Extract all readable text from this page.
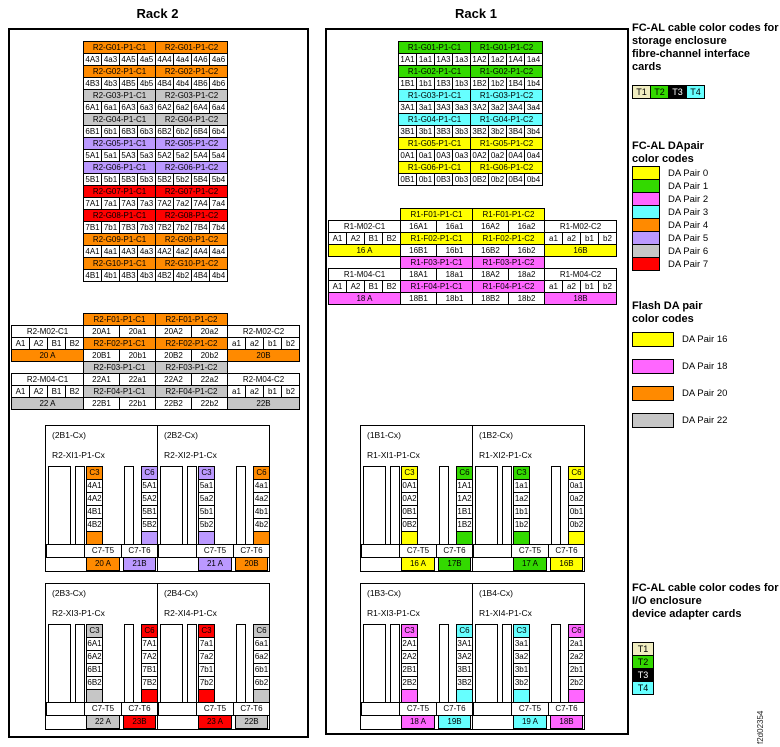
Rack 2	Rack 1
R2-G01-P1-C1	R2-G01-P1-C2
4A3 4a3 4A5 4a5 4A4 4a4 4A6 4a6
R2-G02-P1-C1	R2-G02-P1-C2
4B3 4b3 4B5 4b5 4B4 4b4 4B6 4b6
R2-G03-P1-C1	R2-G03-P1-C2
6A1 6a1 6A3 6a3 6A2 6a2 6A4 6a4
R2-G04-P1-C1	R2-G04-P1-C2
6B1 6b1 6B3 6b3 6B2 6b2 6B4 6b4
R2-G05-P1-C1	R2-G05-P1-C2
5A1 5a1 5A3 5a3 5A2 5a2 5A4 5a4
R2-G06-P1-C1	R2-G06-P1-C2
5B1 5b1 5B3 5b3 5B2 5b2 5B4 5b4
R2-G07-P1-C1	R2-G07-P1-C2
7A1 7a1 7A3 7a3 7A2 7a2 7A4 7a4
R2-G08-P1-C1	R2-G08-P1-C2
7B1 7b1 7B3 7b3 7B2 7b2 7B4 7b4
R2-G09-P1-C1	R2-G09-P1-C2
4A1 4a1 4A3 4a3 4A2 4a2 4A4 4a4
R2-G10-P1-C1	R2-G10-P1-C2
4B1 4b1 4B3 4b3 4B2 4b2 4B4 4b4
R2-F01-P1-C1	R2-F01-P1-C2
R2-M02-C1	20A1	20a1	20A2	20a2	R2-M02-C2
A1	A2	B1	B2	R2-F02-P1-C1	R2-F02-P1-C2	a1	a2	b1	b2
20 A	20B1	20b1	20B2	20b2	20B
R2-F03-P1-C1	R2-F03-P1-C2
R2-M04-C1	22A1	22a1	22A2	22a2	R2-M04-C2
A1	A2	B1	B2	R2-F04-P1-C1	R2-F04-P1-C2	a1	a2	b1	b2
22 A	22B1	22b1	22B2	22b2	22B
(2B1-Cx)
R2-XI1-P1-Cx
C3
4A1
4A2
4B1
4B2
C6
5A1
5A2
5B1
5B2
C7-T5	C7-T6
20 A	21B
(2B2-Cx)
R2-XI2-P1-Cx
C3
5a1
5a2
5b1
5b2
C6
4a1
4a2
4b1
4b2
C7-T5	C7-T6
21 A	20B
(2B3-Cx)
R2-XI3-P1-Cx
C3
6A1
6A2
6B1
6B2
C6
7A1
7A2
7B1
7B2
C7-T5	C7-T6
22 A	23B
(2B4-Cx)
R2-XI4-P1-Cx
C3
7a1
7a2
7b1
7b2
C6
6a1
6a2
6b1
6b2
C7-T5	C7-T6
23 A	22B
R1-G01-P1-C1	R1-G01-P1-C2
1A1 1a1 1A3 1a3 1A2 1a2 1A4 1a4
R1-G02-P1-C1	R1-G02-P1-C2
1B1 1b1 1B3 1b3 1B2 1b2 1B4 1b4
R1-G03-P1-C1	R1-G03-P1-C2
3A1 3a1 3A3 3a3 3A2 3a2 3A4 3a4
R1-G04-P1-C1	R1-G04-P1-C2
3B1 3b1 3B3 3b3 3B2 3b2 3B4 3b4
R1-G05-P1-C1	R1-G05-P1-C2
0A1 0a1 0A3 0a3 0A2 0a2 0A4 0a4
R1-G06-P1-C1	R1-G06-P1-C2
0B1 0b1 0B3 0b3 0B2 0b2 0B4 0b4
R1-F01-P1-C1	R1-F01-P1-C2
R1-M02-C1	16A1	16a1	16A2	16a2	R1-M02-C2
A1	A2	B1	B2	R1-F02-P1-C1	R1-F02-P1-C2	a1	a2	b1	b2
16 A	16B1	16b1	16B2	16b2	16B
R1-F03-P1-C1	R1-F03-P1-C2
R1-M04-C1	18A1	18a1	18A2	18a2	R1-M04-C2
A1	A2	B1	B2	R1-F04-P1-C1	R1-F04-P1-C2	a1	a2	b1	b2
18 A	18B1	18b1	18B2	18b2	18B
(1B1-Cx)
R1-XI1-P1-Cx
C3
0A1
0A2
0B1
0B2
C6
1A1
1A2
1B1
1B2
C7-T5	C7-T6
16 A	17B
(1B2-Cx)
R1-XI2-P1-Cx
C3
1a1
1a2
1b1
1b2
C6
0a1
0a2
0b1
0b2
C7-T5	C7-T6
17 A	16B
(1B3-Cx)
R1-XI3-P1-Cx
C3
2A1
2A2
2B1
2B2
C6
3A1
3A2
3B1
3B2
C7-T5	C7-T6
18 A	19B
(1B4-Cx)
R1-XI4-P1-Cx
C3
3a1
3a2
3b1
3b2
C6
2a1
2a2
2b1
2b2
C7-T5	C7-T6
19 A	18B
FC-AL cable color codes for
storage enclosure
fibre-channel interface cards
T1 T2 T3 T4
FC-AL DApair
color codes
DA Pair 0
DA Pair 1
DA Pair 2
DA Pair 3
DA Pair 4
DA Pair 5
DA Pair 6
DA Pair 7
Flash DA pair
color codes
DA Pair 16
DA Pair 18
DA Pair 20
DA Pair 22
FC-AL cable color codes for
I/O enclosure
device adapter cards
T1
T2
T3
T4
f2d02354
